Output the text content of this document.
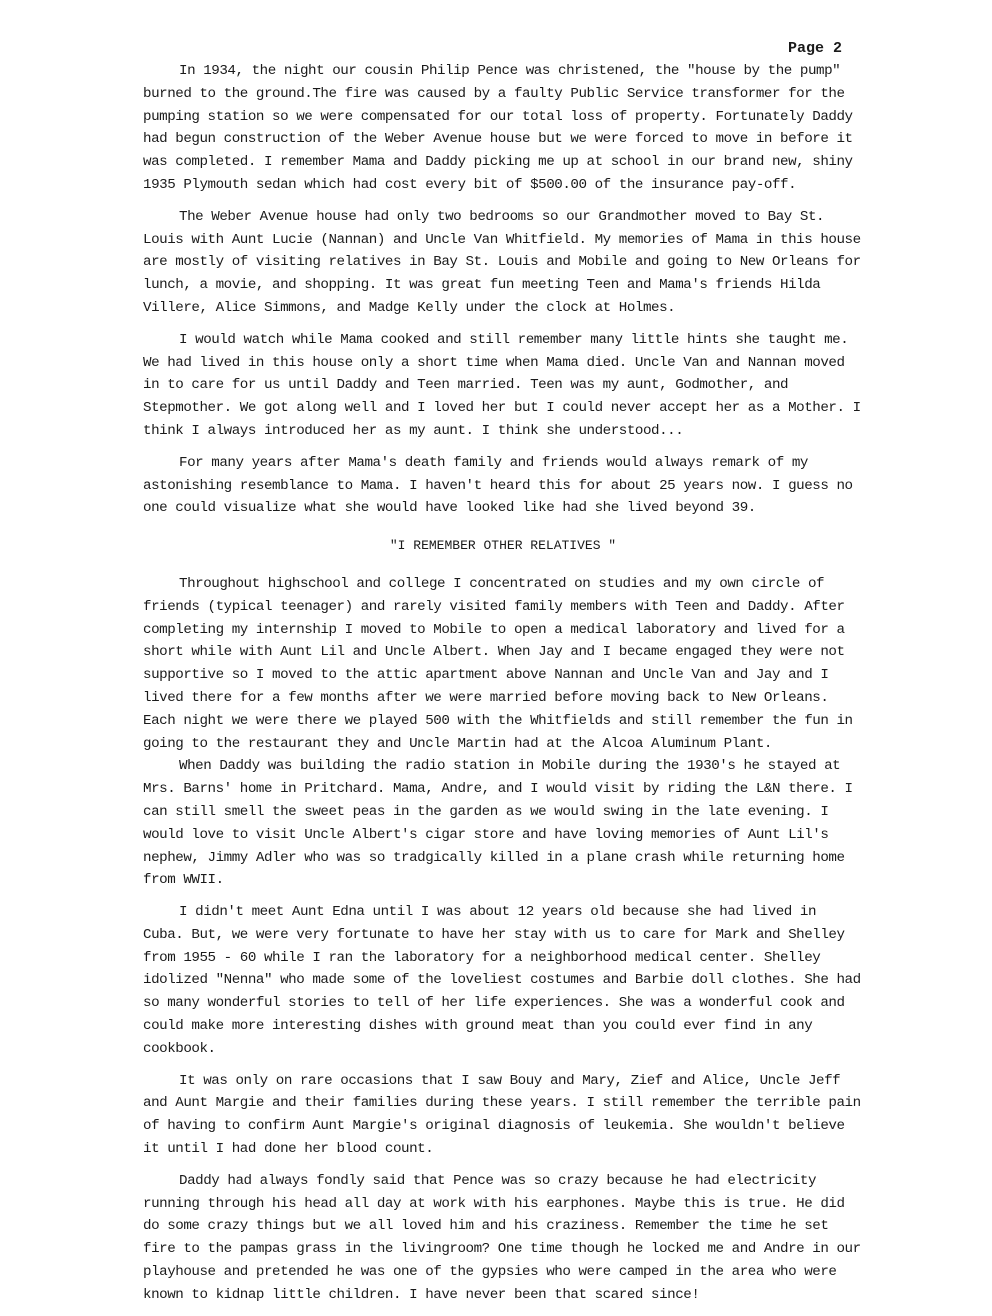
Page 2

In 1934, the night our cousin Philip Pence was christened, the "house by the pump" burned to the ground.The fire was caused by a faulty Public Service transformer for the pumping station so we were compensated for our total loss of property. Fortunately Daddy had begun construction of the Weber Avenue house but we were forced to move in before it was completed. I remember Mama and Daddy picking me up at school in our brand new, shiny 1935 Plymouth sedan which had cost every bit of $500.00 of the insurance pay-off.

The Weber Avenue house had only two bedrooms so our Grandmother moved to Bay St. Louis with Aunt Lucie (Nannan) and Uncle Van Whitfield. My memories of Mama in this house are mostly of visiting relatives in Bay St. Louis and Mobile and going to New Orleans for lunch, a movie, and shopping. It was great fun meeting Teen and Mama's friends Hilda Villere, Alice Simmons, and Madge Kelly under the clock at Holmes.

I would watch while Mama cooked and still remember many little hints she taught me. We had lived in this house only a short time when Mama died. Uncle Van and Nannan moved in to care for us until Daddy and Teen married. Teen was my aunt, Godmother, and Stepmother. We got along well and I loved her but I could never accept her as a Mother. I think I always introduced her as my aunt. I think she understood...

For many years after Mama's death family and friends would always remark of my astonishing resemblance to Mama. I haven't heard this for about 25 years now. I guess no one could visualize what she would have looked like had she lived beyond 39.

"I REMEMBER OTHER RELATIVES "

Throughout highschool and college I concentrated on studies and my own circle of friends (typical teenager) and rarely visited family members with Teen and Daddy. After completing my internship I moved to Mobile to open a medical laboratory and lived for a short while with Aunt Lil and Uncle Albert. When Jay and I became engaged they were not supportive so I moved to the attic apartment above Nannan and Uncle Van and Jay and I lived there for a few months after we were married before moving back to New Orleans. Each night we were there we played 500 with the Whitfields and still remember the fun in going to the restaurant they and Uncle Martin had at the Alcoa Aluminum Plant.

When Daddy was building the radio station in Mobile during the 1930's he stayed at Mrs. Barns' home in Pritchard. Mama, Andre, and I would visit by riding the L&N there. I can still smell the sweet peas in the garden as we would swing in the late evening. I would love to visit Uncle Albert's cigar store and have loving memories of Aunt Lil's nephew, Jimmy Adler who was so tradgically killed in a plane crash while returning home from WWII.

I didn't meet Aunt Edna until I was about 12 years old because she had lived in Cuba. But, we were very fortunate to have her stay with us to care for Mark and Shelley from 1955 - 60 while I ran the laboratory for a neighborhood medical center. Shelley idolized "Nenna" who made some of the loveliest costumes and Barbie doll clothes. She had so many wonderful stories to tell of her life experiences. She was a wonderful cook and could make more interesting dishes with ground meat than you could ever find in any cookbook.

It was only on rare occasions that I saw Bouy and Mary, Zief and Alice, Uncle Jeff and Aunt Margie and their families during these years. I still remember the terrible pain of having to confirm Aunt Margie's original diagnosis of leukemia. She wouldn't believe it until I had done her blood count.

Daddy had always fondly said that Pence was so crazy because he had electricity running through his head all day at work with his earphones. Maybe this is true. He did do some crazy things but we all loved him and his craziness. Remember the time he set fire to the pampas grass in the livingroom? One time though he locked me and Andre in our playhouse and pretended he was one of the gypsies who were camped in the area who were known to kidnap little children. I have never been that scared since!
